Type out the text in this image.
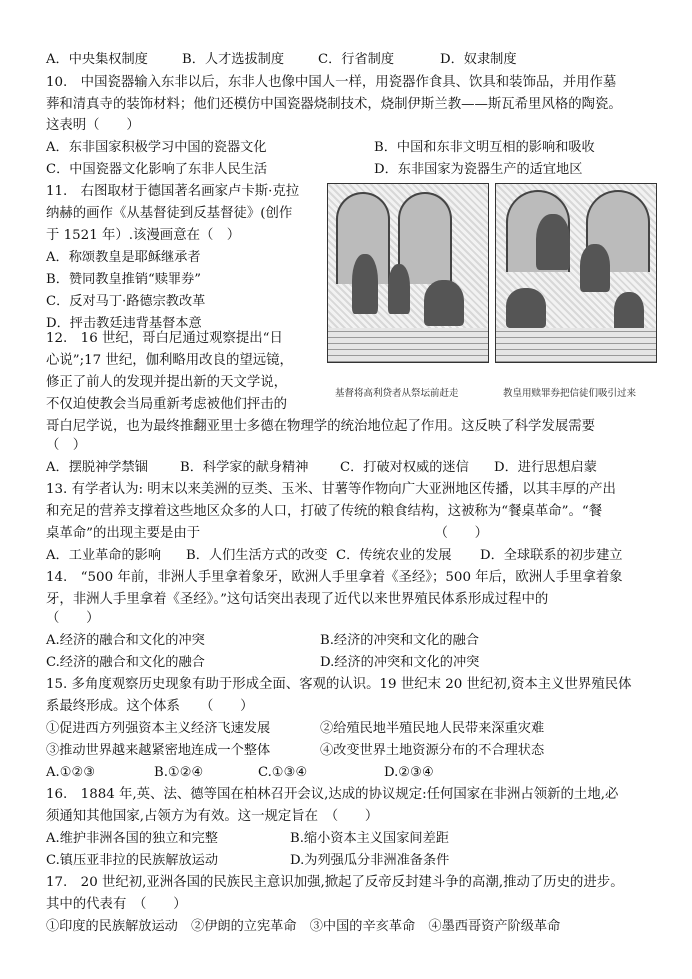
A．中央集权制度	B．人才选拔制度	C．行省制度	D．奴隶制度
10.　中国瓷器输入东非以后，东非人也像中国人一样，用瓷器作食具、饮具和装饰品，并用作墓
葬和清真寺的装饰材料；他们还模仿中国瓷器烧制技术，烧制伊斯兰教——斯瓦希里风格的陶瓷。
这表明（　　）
A．东非国家积极学习中国的瓷器文化	B．中国和东非文明互相的影响和吸收
C．中国瓷器文化影响了东非人民生活	D．东非国家为瓷器生产的适宜地区
11.　右图取材于德国著名画家卢卡斯·克拉
纳赫的画作《从基督徒到反基督徒》(创作
于 1521 年）.该漫画意在（　）
A．称颂教皇是耶稣继承者
B．赞同教皇推销“赎罪券”
C．反对马丁·路德宗教改革
D．抨击教廷违背基督本意
基督将高利贷者从祭坛前赶走	教皇用赎罪券把信徒们吸引过来
12.　16 世纪，哥白尼通过观察提出“日
心说”;17 世纪，伽利略用改良的望远镜，
修正了前人的发现并提出新的天文学说，
不仅迫使教会当局重新考虑被他们抨击的
哥白尼学说，也为最终推翻亚里士多德在物理学的统治地位起了作用。这反映了科学发展需要
（　）
A．摆脱神学禁锢 B．科学家的献身精神 C．打破对权威的迷信 D．进行思想启蒙
13. 有学者认为: 明末以来美洲的豆类、玉米、甘薯等作物向广大亚洲地区传播，以其丰厚的产出
和充足的营养支撑着这些地区众多的人口，打破了传统的粮食结构，这被称为“餐桌革命”。“餐
桌革命”的出现主要是由于　　　　　　　　　　　　　　　　　　（　　）
A．工业革命的影响 B．人们生活方式的改变 C．传统农业的发展 D．全球联系的初步建立
14.　“500 年前，非洲人手里拿着象牙，欧洲人手里拿着《圣经》；500 年后，欧洲人手里拿着象
牙，非洲人手里拿着《圣经》。”这句话突出表现了近代以来世界殖民体系形成过程中的
（　　）
A.经济的融合和文化的冲突	B.经济的冲突和文化的融合
C.经济的融合和文化的融合	D.经济的冲突和文化的冲突
15. 多角度观察历史现象有助于形成全面、客观的认识。19 世纪末 20 世纪初,资本主义世界殖民体
系最终形成。这个体系　　（　　）
①促进西方列强资本主义经济飞速发展	②给殖民地半殖民地人民带来深重灾难
③推动世界越来越紧密地连成一个整体	④改变世界土地资源分布的不合理状态
A.①②③	B.①②④	C.①③④	D.②③④
16.　1884 年,英、法、德等国在柏林召开会议,达成的协议规定:任何国家在非洲占领新的土地,必
须通知其他国家,占领方为有效。这一规定旨在　（　　）
A.维护非洲各国的独立和完整	B.缩小资本主义国家间差距
C.镇压亚非拉的民族解放运动	D.为列强瓜分非洲准备条件
17.　20 世纪初,亚洲各国的民族民主意识加强,掀起了反帝反封建斗争的高潮,推动了历史的进步。
其中的代表有　（　　）
①印度的民族解放运动　②伊朗的立宪革命　③中国的辛亥革命　④墨西哥资产阶级革命
